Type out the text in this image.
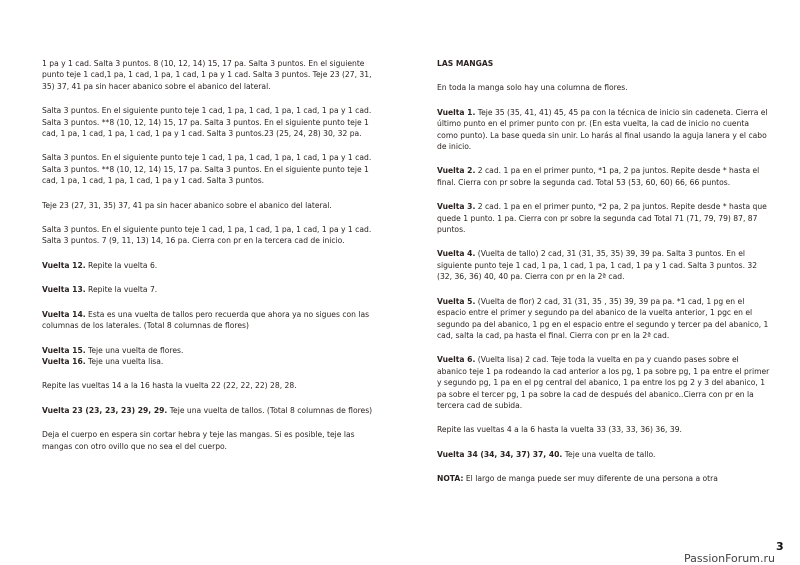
1 pa y 1 cad. Salta 3 puntos. 8 (10, 12, 14) 15, 17 pa. Salta 3 puntos. En el siguiente punto teje 1 cad,1 pa, 1 cad, 1 pa, 1 cad, 1 pa y 1 cad. Salta 3 puntos. Teje 23 (27, 31, 35) 37, 41 pa sin hacer abanico sobre el abanico del lateral.
Salta 3 puntos. En el siguiente punto teje 1 cad, 1 pa, 1 cad, 1 pa, 1 cad, 1 pa y 1 cad. Salta 3 puntos. **8 (10, 12, 14) 15, 17 pa. Salta 3 puntos. En el siguiente punto teje 1 cad, 1 pa, 1 cad, 1 pa, 1 cad, 1 pa y 1 cad. Salta 3 puntos.23 (25, 24, 28) 30, 32 pa.
Salta 3 puntos. En el siguiente punto teje 1 cad, 1 pa, 1 cad, 1 pa, 1 cad, 1 pa y 1 cad. Salta 3 puntos. **8 (10, 12, 14) 15, 17 pa. Salta 3 puntos. En el siguiente punto teje 1 cad, 1 pa, 1 cad, 1 pa, 1 cad, 1 pa y 1 cad. Salta 3 puntos.
Teje 23 (27, 31, 35) 37, 41 pa sin hacer abanico sobre el abanico del lateral.
Salta 3 puntos. En el siguiente punto teje 1 cad, 1 pa, 1 cad, 1 pa, 1 cad, 1 pa y 1 cad. Salta 3 puntos. 7 (9, 11, 13) 14, 16 pa. Cierra con pr en la tercera cad de inicio.
Vuelta 12. Repite la vuelta 6.
Vuelta 13. Repite la vuelta 7.
Vuelta 14. Esta es una vuelta de tallos pero recuerda que ahora ya no sigues con las columnas de los laterales. (Total 8 columnas de flores)
Vuelta 15. Teje una vuelta de flores.
Vuelta 16. Teje una vuelta lisa.
Repite las vueltas 14 a la 16 hasta la vuelta 22 (22, 22, 22) 28, 28.
Vuelta 23 (23, 23, 23) 29, 29. Teje una vuelta de tallos. (Total 8 columnas de flores)
Deja el cuerpo en espera sin cortar hebra y teje las mangas. Si es posible, teje las mangas con otro ovillo que no sea el del cuerpo.
LAS MANGAS
En toda la manga solo hay una columna de flores.
Vuelta 1. Teje 35 (35, 41, 41) 45, 45 pa con la técnica de inicio sin cadeneta. Cierra el último punto en el primer punto con pr. (En esta vuelta, la cad de inicio no cuenta como punto). La base queda sin unir. Lo harás al final usando la aguja lanera y el cabo de inicio.
Vuelta 2. 2 cad. 1 pa en el primer punto, *1 pa, 2 pa juntos. Repite desde * hasta el final. Cierra con pr sobre la segunda cad. Total 53 (53, 60, 60) 66, 66 puntos.
Vuelta 3. 2 cad. 1 pa en el primer punto, *2 pa, 2 pa juntos. Repite desde * hasta que quede 1 punto. 1 pa. Cierra con pr sobre la segunda cad Total 71 (71, 79, 79) 87, 87 puntos.
Vuelta 4. (Vuelta de tallo) 2 cad, 31 (31, 35, 35) 39, 39 pa. Salta 3 puntos. En el siguiente punto teje 1 cad, 1 pa, 1 cad, 1 pa, 1 cad, 1 pa y 1 cad. Salta 3 puntos. 32 (32, 36, 36) 40, 40 pa. Cierra con pr en la 2ª cad.
Vuelta 5. (Vuelta de flor) 2 cad, 31 (31, 35 , 35) 39, 39 pa pa. *1 cad, 1 pg en el espacio entre el primer y segundo pa del abanico de la vuelta anterior, 1 pgc en el segundo pa del abanico, 1 pg en el espacio entre el segundo y tercer pa del abanico, 1 cad, salta la cad, pa hasta el final. Cierra con pr en la 2ª cad.
Vuelta 6. (Vuelta lisa) 2 cad. Teje toda la vuelta en pa y cuando pases sobre el abanico teje 1 pa rodeando la cad anterior a los pg, 1 pa sobre pg, 1 pa entre el primer y segundo pg, 1 pa en el pg central del abanico, 1 pa entre los pg 2 y 3 del abanico, 1 pa sobre el tercer pg, 1 pa sobre la cad de después del abanico..Cierra con pr en la tercera cad de subida.
Repite las vueltas 4 a la 6 hasta la vuelta 33 (33, 33, 36) 36, 39.
Vuelta 34 (34, 34, 37) 37, 40. Teje una vuelta de tallo.
NOTA: El largo de manga puede ser muy diferente de una persona a otra
3
PassionForum.ru
